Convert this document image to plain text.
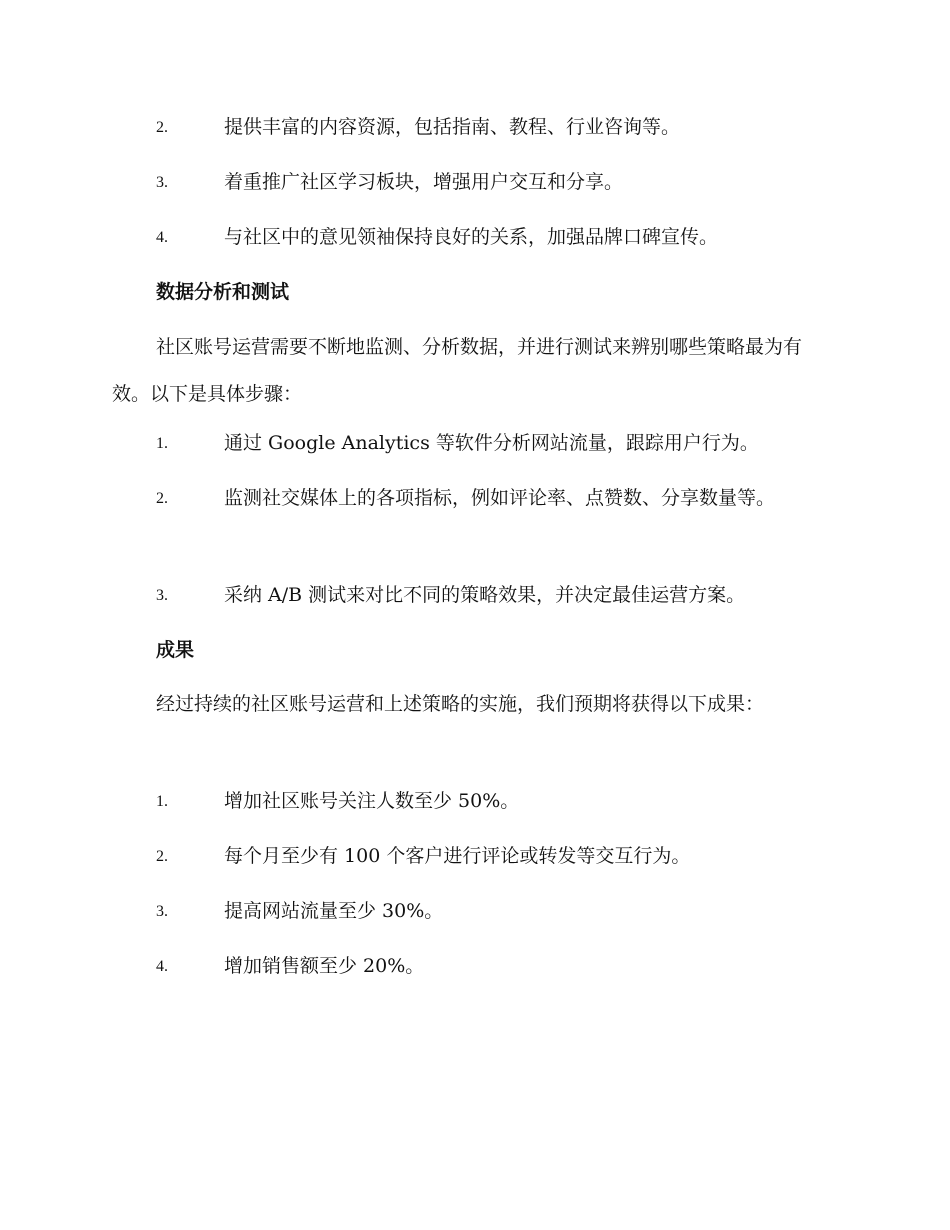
2.	提供丰富的内容资源，包括指南、教程、行业咨询等。
3.	着重推广社区学习板块，增强用户交互和分享。
4.	与社区中的意见领袖保持良好的关系，加强品牌口碑宣传。
数据分析和测试
社区账号运营需要不断地监测、分析数据，并进行测试来辨别哪些策略最为有效。以下是具体步骤：
1.	通过 Google Analytics 等软件分析网站流量，跟踪用户行为。
2.	监测社交媒体上的各项指标，例如评论率、点赞数、分享数量等。
3.	采纳 A/B 测试来对比不同的策略效果，并决定最佳运营方案。
成果
经过持续的社区账号运营和上述策略的实施，我们预期将获得以下成果：
1.	增加社区账号关注人数至少 50%。
2.	每个月至少有 100 个客户进行评论或转发等交互行为。
3.	提高网站流量至少 30%。
4.	增加销售额至少 20%。
